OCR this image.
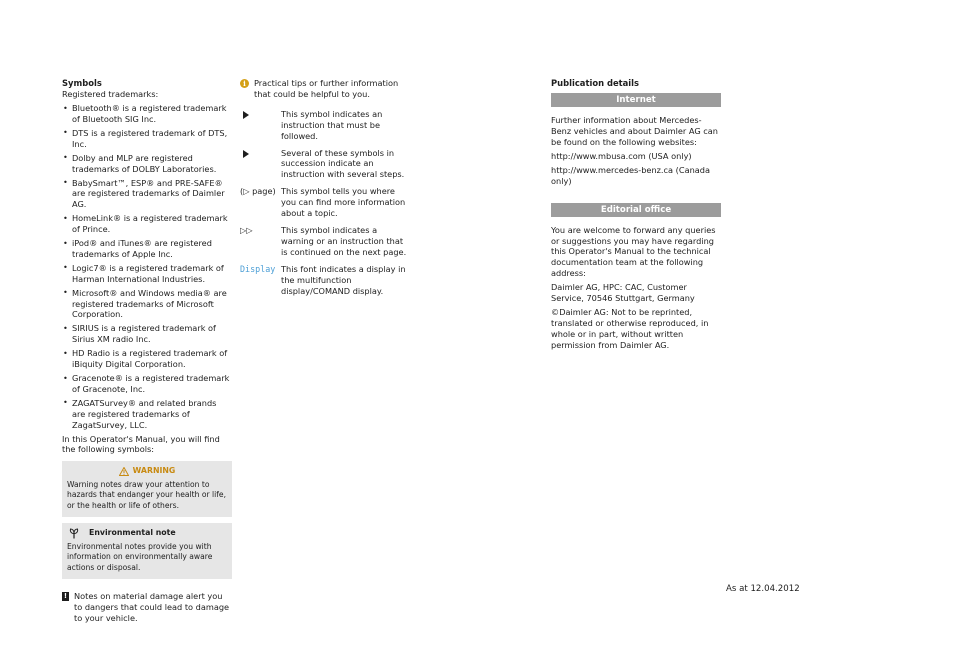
Symbols

Registered trademarks:

• Bluetooth® is a registered trademark of Bluetooth SIG Inc.
• DTS is a registered trademark of DTS, Inc.
• Dolby and MLP are registered trademarks of DOLBY Laboratories.
• BabySmart™, ESP® and PRE-SAFE® are registered trademarks of Daimler AG.
• HomeLink® is a registered trademark of Prince.
• iPod® and iTunes® are registered trademarks of Apple Inc.
• Logic7® is a registered trademark of Harman International Industries.
• Microsoft® and Windows media® are registered trademarks of Microsoft Corporation.
• SIRIUS is a registered trademark of Sirius XM radio Inc.
• HD Radio is a registered trademark of iBiquity Digital Corporation.
• Gracenote® is a registered trademark of Gracenote, Inc.
• ZAGATSurvey® and related brands are registered trademarks of ZagatSurvey, LLC.

In this Operator's Manual, you will find the following symbols:

WARNING
Warning notes draw your attention to hazards that endanger your health or life, or the health or life of others.
Environmental note
Environmental notes provide you with information on environmentally aware actions or disposal.
! Notes on material damage alert you to dangers that could lead to damage to your vehicle.
i Practical tips or further information that could be helpful to you.
This symbol indicates an instruction that must be followed.
Several of these symbols in succession indicate an instruction with several steps.
(▷ page) This symbol tells you where you can find more information about a topic.
▷▷	This symbol indicates a warning or an instruction that is continued on the next page.
Display This font indicates a display in the multifunction display/COMAND display.
Publication details
Internet

Further information about Mercedes-Benz vehicles and about Daimler AG can be found on the following websites:

http://www.mbusa.com (USA only)

http://www.mercedes-benz.ca (Canada only)

Editorial office

You are welcome to forward any queries or suggestions you may have regarding this Operator's Manual to the technical documentation team at the following address:

Daimler AG, HPC: CAC, Customer Service, 70546 Stuttgart, Germany

©Daimler AG: Not to be reprinted, translated or otherwise reproduced, in whole or in part, without written permission from Daimler AG.

As at 12.04.2012
